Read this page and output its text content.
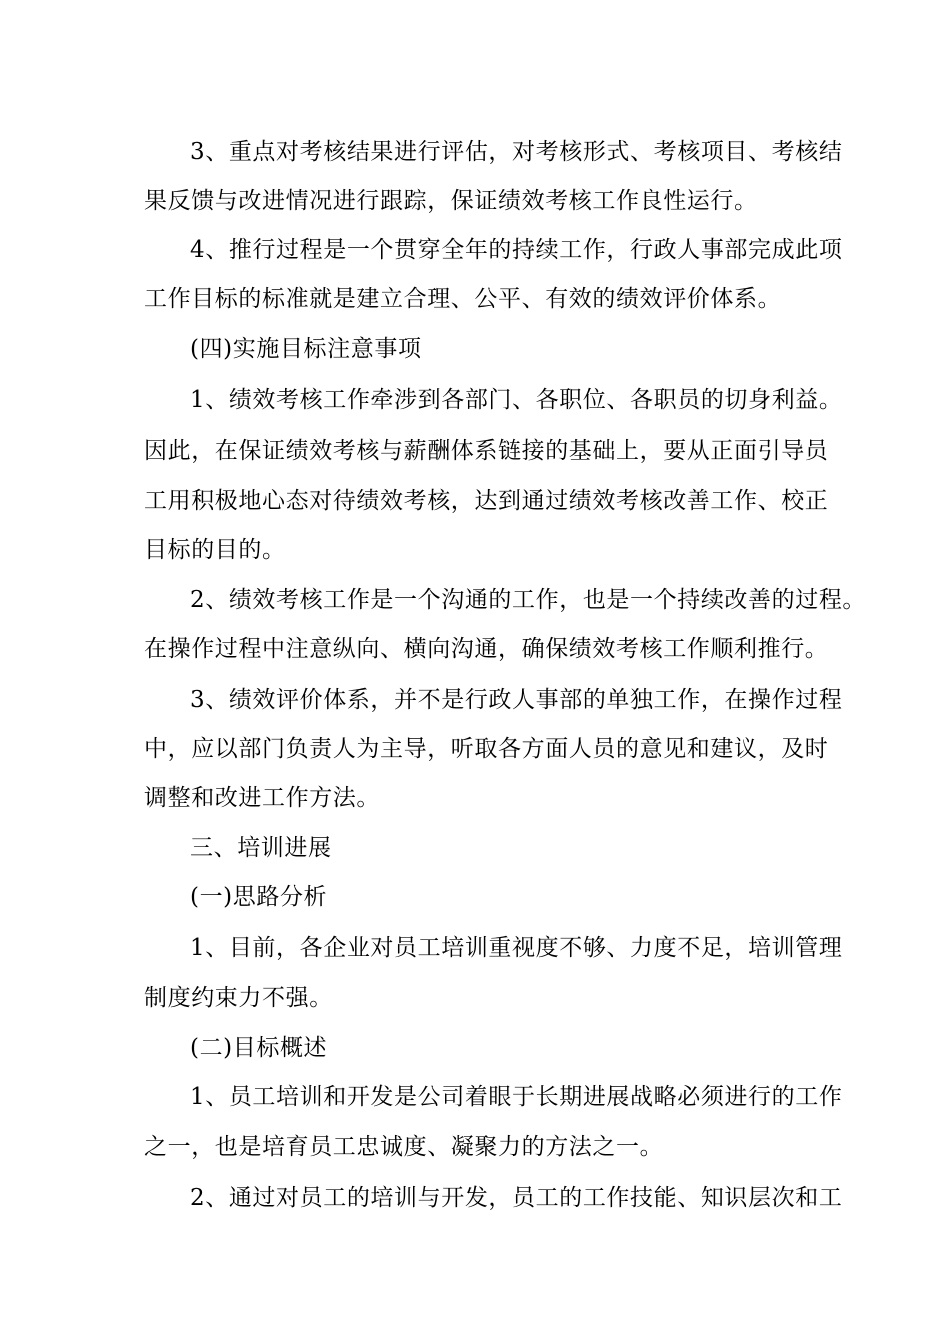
3、重点对考核结果进行评估，对考核形式、考核项目、考核结
果反馈与改进情况进行跟踪，保证绩效考核工作良性运行。
4、推行过程是一个贯穿全年的持续工作，行政人事部完成此项
工作目标的标准就是建立合理、公平、有效的绩效评价体系。
(四)实施目标注意事项
1、绩效考核工作牵涉到各部门、各职位、各职员的切身利益。
因此，在保证绩效考核与薪酬体系链接的基础上，要从正面引导员
工用积极地心态对待绩效考核，达到通过绩效考核改善工作、校正
目标的目的。
2、绩效考核工作是一个沟通的工作，也是一个持续改善的过程。
在操作过程中注意纵向、横向沟通，确保绩效考核工作顺利推行。
3、绩效评价体系，并不是行政人事部的单独工作，在操作过程
中，应以部门负责人为主导，听取各方面人员的意见和建议，及时
调整和改进工作方法。
三、培训进展
(一)思路分析
1、目前，各企业对员工培训重视度不够、力度不足，培训管理
制度约束力不强。
(二)目标概述
1、员工培训和开发是公司着眼于长期进展战略必须进行的工作
之一，也是培育员工忠诚度、凝聚力的方法之一。
2、通过对员工的培训与开发，员工的工作技能、知识层次和工
